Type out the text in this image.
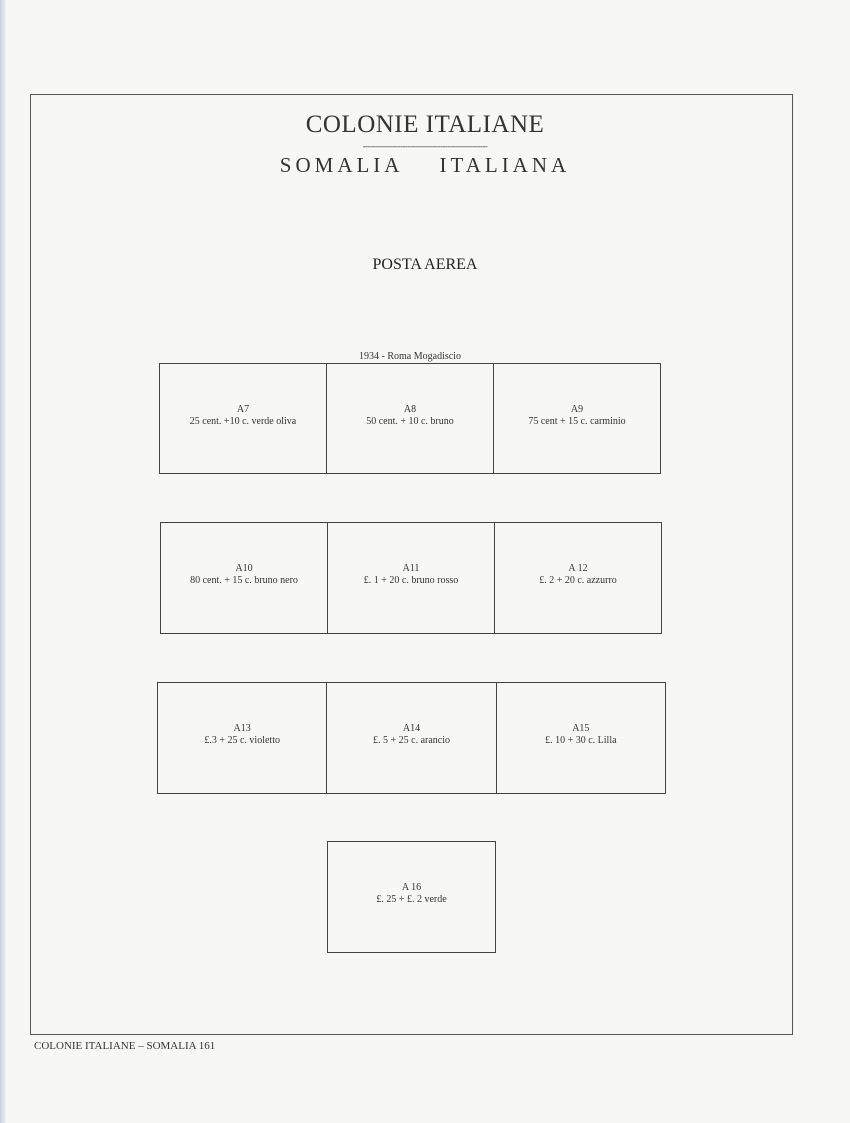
COLONIE ITALIANE
--------------------------------------------------
SOMALIA ITALIANA
POSTA AEREA
1934 - Roma Mogadiscio
A7
25 cent. +10 c. verde oliva
A8
50 cent. + 10 c. bruno
A9
75 cent + 15 c. carminio
A10
80 cent. + 15 c. bruno nero
A11
£. 1 + 20 c. bruno rosso
A 12
£. 2 + 20 c. azzurro
A13
£.3 + 25 c. violetto
A14
£. 5 + 25 c. arancio
A15
£. 10 + 30 c. Lilla
A 16
£. 25 + £. 2 verde
COLONIE ITALIANE – SOMALIA 161
